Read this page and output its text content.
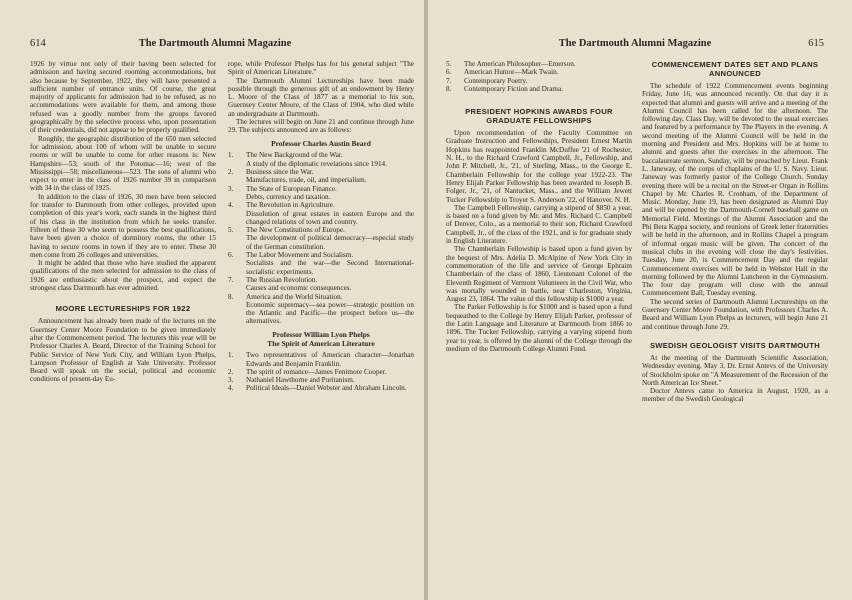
The Dartmouth Alumni Magazine
614

1926 by virtue not only of their having been selected for admission and having secured rooming accommodations, but also because by September, 1922, they will have presented a sufficient number of entrance units. Of course, the great majority of applicants for admission had to be refused, as no accommodations were available for them, and among those refused was a goodly number from the groups favored geographically by the selective process who, upon presentation of their credentials, did not appear to be properly qualified.

Roughly, the geographic distribution of the 650 men selected for admission, about 100 of whom will be unable to secure rooms or will be unable to come for other reasons is: New Hampshire—53; south of the Potomac—16; west of the Mississippi—58; miscellaneous—523. The sons of alumni who expect to enter in the class of 1926 number 39 in comparison with 34 in the class of 1925.

In addition to the class of 1926, 30 men have been selected for transfer to Dartmouth from other colleges, provided upon completion of this year's work, each stands in the highest third of his class in the institution from which he seeks transfer. Fifteen of these 30 who seem to possess the best qualifications, have been given a choice of dormitory rooms, the other 15 having to secure rooms in town if they are to enter. These 30 men come from 26 colleges and universities.

It might be added that those who have studied the apparent qualifications of the men selected for admission to the class of 1926 are enthusiastic about the prospect, and expect the strongest class Dartmouth has ever admitted.

MOORE LECTURESHIPS FOR 1922

Announcement has already been made of the lectures on the Guernsey Center Moore Foundation to be given immediately after the Commencement period. The lecturers this year will be Professor Charles A. Beard, Director of the Training School for Public Service of New York City, and William Lyon Phelps, Lampson Professor of English at Yale University. Professor Beard will speak on the social, political and economic conditions of present-day Eu-

rope, while Professor Phelps has for his general subject "The Spirit of American Literature."

The Dartmouth Alumni Lectureships have been made possible through the generous gift of an endowment by Henry L. Moore of the Class of 1877 as a memorial to his son, Guernsey Center Moore, of the Class of 1904, who died while an undergraduate at Dartmouth.

The lectures will begin on June 21 and continue through June 29. The subjects announced are as follows:

Professor Charles Austin Beard
1. The New Background of the War.
A study of the diplomatic revelations since 1914.
2. Business since the War.
Manufactures, trade, oil, and imperialism.
3. The State of European Finance.
Debts, currency and taxation.
4. The Revolution in Agriculture.
Dissolution of great estates in eastern Europe and the changed relations of town and country.
5. The New Constitutions of Europe.
The development of political democracy—especial study of the German constitution.
6. The Labor Movement and Socialism.
Socialists and the war—the Second International-socialistic experiments.
7. The Russian Revolution.
Causes and economic consequences.
8. America and the World Situation.
Economic supremacy—sea power—strategic position on the Atlantic and Pacific—the prospect before us—the alternatives.
Professor William Lyon Phelps
The Spirit of American Literature
1. Two representatives of American character—Jonathan Edwards and Benjamin Franklin.
2. The spirit of romance—James Fenimore Cooper.
3. Nathaniel Hawthorne and Puritanism.
4. Political Ideals—Daniel Webster and Abraham Lincoln.
The Dartmouth Alumni Magazine	615
5. The American Philosopher—Emerson.
6. American Humor—Mark Twain.
7. Contemporary Poetry.
8. Contemporary Fiction and Drama.
PRESIDENT HOPKINS AWARDS FOUR GRADUATE FELLOWSHIPS

Upon recommendation of the Faculty Committee on Graduate Instruction and Fellowships, President Ernest Martin Hopkins has reappointed Franklin McDuffee '21 of Rochester, N. H., to the Richard Crawford Campbell, Jr., Fellowship, and John P. Mitchell, Jr., '21, of Sterling, Mass., to the George E. Chamberlain Fellowship for the college year 1922-23. The Henry Elijah Parker Fellowship has been awarded to Joseph B. Folger, Jr., '21, of Nantucket, Mass., and the William Jewett Tucker Fellowship to Troyer S. Anderson '22, of Hanover, N. H.

The Campbell Fellowship, carrying a stipend of $850 a year, is based on a fund given by Mr. and Mrs. Richard C. Campbell of Denver, Colo., as a memorial to their son, Richard Crawford Campbell, Jr., of the class of the 1921, and is for graduate study in English Literature.

The Chamberlain Fellowship is based upon a fund given by the bequest of Mrs. Adelia D. McAlpine of New York City in commemoration of the life and service of George Ephraim Chamberlain of the class of 1860, Lieutenant Colonel of the Eleventh Regiment of Vermont Volunteers in the Civil War, who was mortally wounded in battle, near Charleston, Virginia, August 23, 1864. The value of this fellowship is $1000 a year.

The Parker Fellowship is for $1000 and is based upon a fund bequeathed to the College by Henry Elijah Parker, professor of the Latin Language and Literature at Dartmouth from 1866 to 1896. The Tucker Fellowship, carrying a varying stipend from year to year, is offered by the alumni of the College through the medium of the Dartmouth College Alumni Fund.

COMMENCEMENT DATES SET AND PLANS ANNOUNCED

The schedule of 1922 Commencement events beginning Friday, June 16, was announced recently. On that day it is expected that alumni and guests will arrive and a meeting of the Alumni Council has been called for the afternoon. The following day, Class Day, will be devoted to the usual exercises and featured by a performance by The Players in the evening. A second meeting of the Alumni Council will be held in the morning and President and Mrs. Hopkins will be at home to alumni and guests after the exercises in the afternoon. The baccalaureate sermon, Sunday, will be preached by Lieut. Frank L. Janeway, of the corps of chaplains of the U. S. Navy. Lieut. Janeway was formerly pastor of the College Church. Sunday evening there will be a recital on the Street-er Organ in Rollins Chapel by Mr. Charles R. Cronham, of the Department of Music. Monday, June 19, has been designated as Alumni Day and will be opened by the Dartmouth-Cornell baseball game on Memorial Field. Meetings of the Alumni Association and the Phi Beta Kappa society, and reunions of Greek letter fraternities will be held in the afternoon, and in Rollins Chapel a program of informal organ music will be given. The concert of the musical clubs in the evening will close the day's festivities. Tuesday, June 20, is Commencement Day and the regular Commencement exercises will be held in Webster Hall in the morning followed by the Alumni Luncheon in the Gymnasium. The four day program will close with the annual Commencement Ball, Tuesday evening.

The second series of Dartmouth Alumni Lectureships on the Guernsey Center Moore Foundation, with Professors Charles A. Beard and William Lyon Phelps as lecturers, will begin June 21 and continue through June 29.

SWEDISH GEOLOGIST VISITS DARTMOUTH

At the meeting of the Dartmouth Scientific Association, Wednesday evening, May 3, Dr. Ernst Antevs of the University of Stockholm spoke on "A Measurement of the Recession of the North American Ice Sheet."

Doctor Antevs came to America in August, 1920, as a member of the Swedish Geological
